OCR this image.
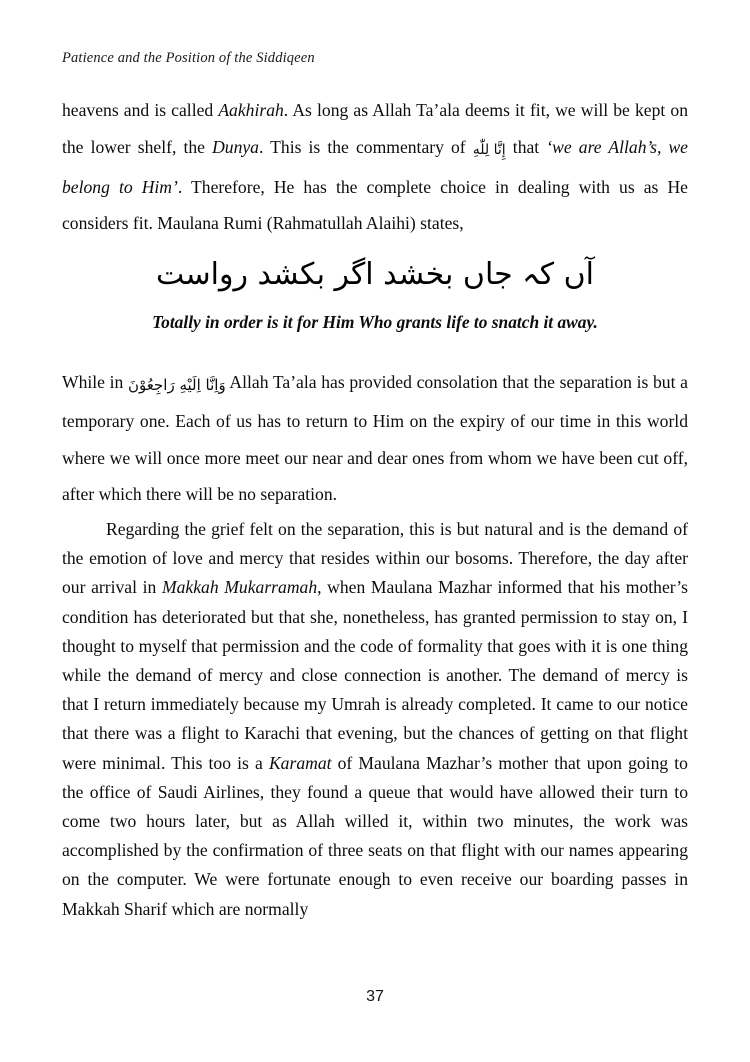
Patience and the Position of the Siddiqeen

heavens and is called Aakhirah. As long as Allah Ta’ala deems it fit, we will be kept on the lower shelf, the Dunya. This is the commentary of إِنَّا لِلّٰهِ that ‘we are Allah’s, we belong to Him’. Therefore, He has the complete choice in dealing with us as He considers fit. Maulana Rumi (Rahmatullah Alaihi) states,

آں کہ جاں بخشد اگر بکشد رواست
Totally in order is it for Him Who grants life to snatch it away.

While in وَاِنَّا اِلَيْهِ رَاجِعُوْنَ Allah Ta’ala has provided consolation that the separation is but a temporary one. Each of us has to return to Him on the expiry of our time in this world where we will once more meet our near and dear ones from whom we have been cut off, after which there will be no separation.

Regarding the grief felt on the separation, this is but natural and is the demand of the emotion of love and mercy that resides within our bosoms. Therefore, the day after our arrival in Makkah Mukarramah, when Maulana Mazhar informed that his mother’s condition has deteriorated but that she, nonetheless, has granted permission to stay on, I thought to myself that permission and the code of formality that goes with it is one thing while the demand of mercy and close connection is another. The demand of mercy is that I return immediately because my Umrah is already completed. It came to our notice that there was a flight to Karachi that evening, but the chances of getting on that flight were minimal. This too is a Karamat of Maulana Mazhar’s mother that upon going to the office of Saudi Airlines, they found a queue that would have allowed their turn to come two hours later, but as Allah willed it, within two minutes, the work was accomplished by the confirmation of three seats on that flight with our names appearing on the computer. We were fortunate enough to even receive our boarding passes in Makkah Sharif which are normally

37
